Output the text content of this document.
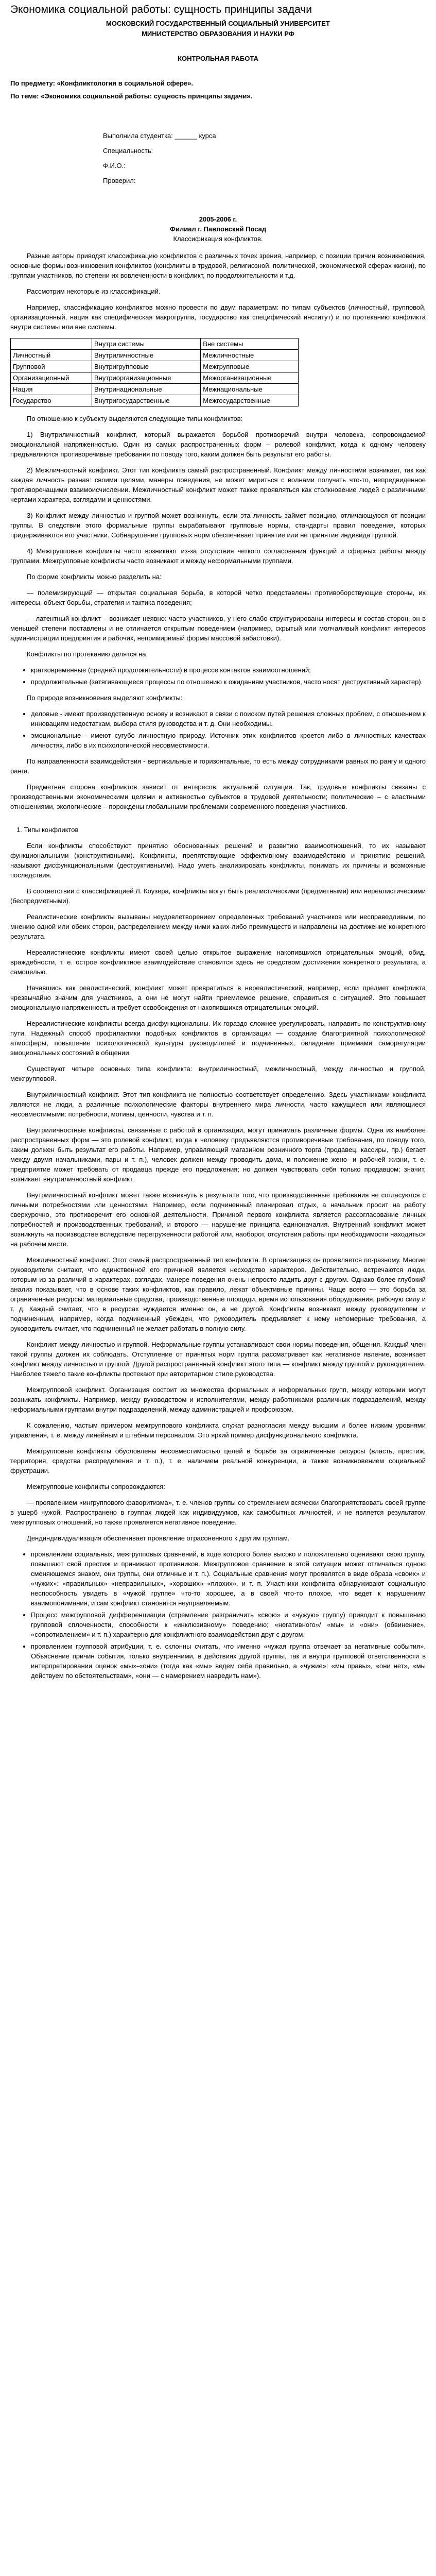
Экономика социальной работы: сущность принципы задачи
МОСКОВСКИЙ ГОСУДАРСТВЕННЫЙ СОЦИАЛЬНЫЙ УНИВЕРСИТЕТ
МИНИСТЕРСТВО ОБРАЗОВАНИЯ И НАУКИ РФ
КОНТРОЛЬНАЯ РАБОТА

По предмету: «Конфликтология в социальной сфере».

По теме: «Экономика социальной работы: сущность принципы задачи».

Выполнила студентка: ______ курса

Специальность:

Ф.И.О.:

Проверил:

2005-2006 г.
Филиал г. Павловский Посад
Классификация конфликтов.

Разные авторы приводят классификацию конфликтов с различных точек зрения, например, с позиции причин возникновения, основные формы возникновения конфликтов (конфликты в трудовой, религиозной, политической, экономической сферах жизни), по группам участников, по степени их вовлеченности в конфликт, по продолжительности и т.д.

Рассмотрим некоторые из классификаций.

Например, классификацию конфликтов можно провести по двум параметрам: по типам субъектов (личностный, групповой, организационный, нация как специфическая макрогруппа, государство как специфический институт) и по протеканию конфликта внутри системы или вне системы.

	Внутри системы	Вне системы
Личностный	Внутриличностные	Межличностные
Групповой	Внутригрупповые	Межгрупповые
Организационный	Внутриорганизационные	Межорганизационные
Нация	Внутринациональные	Межнациональные
Государство	Внутригосударственные	Межгосударственные

По отношению к субъекту выделяются следующие типы конфликтов:

1) Внутриличностный конфликт, который выражается борьбой противоречий внутри человека, сопровождаемой эмоциональной напряженностью. Один из самых распространенных форм – ролевой конфликт, когда к одному человеку предъявляются противоречивые требования по поводу того, каким должен быть результат его работы.

2) Межличностный конфликт. Этот тип конфликта самый распространенный. Конфликт между личностями возникает, так как каждая личность разная: своими целями, манеры поведения, не может мириться с волнами получать что-то, непредвиденное противоречащими взаимоисчислении. Межличностный конфликт может также проявляться как столкновение людей с различными чертами характера, взглядами и ценностями.

3) Конфликт между личностью и группой может возникнуть, если эта личность займет позицию, отличающуюся от позиции группы. В следствии этого формальные группы вырабатывают групповые нормы, стандарты правил поведения, которых придерживаются его участники. Собнарушение групповых норм обеспечивает принятие или не принятие индивида группой.

4) Межгрупповые конфликты часто возникают из-за отсутствия четкого согласования функций и сферных работы между группами. Межгрупповые конфликты часто возникают и между неформальными группами.

По форме конфликты можно разделить на:

— полемизирующий — открытая социальная борьба, в которой четко представлены противоборствующие стороны, их интересы, объект борьбы, стратегия и тактика поведения;

— латентный конфликт – возникает неявно: часто участников, у него слабо структурированы интересы и состав сторон, он в меньшей степени поставлены и не отличается открытым поведением (например, скрытый или молчаливый конфликт интересов администрации предприятия и рабочих, непримиримый формы массовой забастовки).

Конфликты по протеканию делятся на:

• кратковременные (средней продолжительности) в процессе контактов взаимоотношений;
• продолжительные (затягивающиеся процессы по отношению к ожиданиям участников, часто носят деструктивный характер).

По природе возникновения выделяют конфликты:

• деловые - имеют производственную основу и возникают в связи с поиском путей решения сложных проблем, с отношением к инновациям недостаткам, выбора стиля руководства и т. д. Они необходимы.
• эмоциональные - имеют сугубо личностную природу. Источник этих конфликтов кроется либо в личностных качествах личностях, либо в их психологической несовместимости.

По направленности взаимодействия - вертикальные и горизонтальные, то есть между сотрудниками равных по рангу и одного ранга.

Предметная сторона конфликтов зависит от интересов, актуальной ситуации. Так, трудовые конфликты связаны с производственными экономическими целями и активностью субъектов в трудовой деятельности; политические – с властными отношениями, экологические – порождены глобальными проблемами современного поведения участников.

1. Типы конфликтов

Если конфликты способствуют принятию обоснованных решений и развитию взаимоотношений, то их называют функциональными (конструктивными). Конфликты, препятствующие эффективному взаимодействию и принятию решений, называют дисфункциональными (деструктивными). Надо уметь анализировать конфликты, понимать их причины и возможные последствия.

В соответствии с классификацией Л. Коузера, конфликты могут быть реалистическими (предметными) или нереалистическими (беспредметными).

Реалистические конфликты вызываны неудовлетворением определенных требований участников или несправедливым, по мнению одной или обеих сторон, распределением между ними каких-либо преимуществ и направлены на достижение конкретного результата.

Нереалистические конфликты имеют своей целью открытое выражение накопившихся отрицательных эмоций, обид, враждебности, т. е. острое конфликтное взаимодействие становится здесь не средством достижения конкретного результата, а самоцелью.

Начавшись как реалистический, конфликт может превратиться в нереалистический, например, если предмет конфликта чрезвычайно значим для участников, а они не могут найти приемлемое решение, справиться с ситуацией. Это повышает эмоциональную напряженность и требует освобождения от накопившихся отрицательных эмоций.

Нереалистические конфликты всегда дисфункциональны. Их гораздо сложнее урегулировать, направить по конструктивному пути. Надежный способ профилактики подобных конфликтов в организации — создание благоприятной психологической атмосферы, повышение психологической культуры руководителей и подчиненных, овладение приемами саморегуляции эмоциональных состояний в общении.

Существуют четыре основных типа конфликта: внутриличностный, межличностный, между личностью и группой, межгрупповой.

Внутриличностный конфликт. Этот тип конфликта не полностью соответствует определению. Здесь участниками конфликта являются не люди, а различные психологические факторы внутреннего мира личности, часто кажущиеся или являющиеся несовместимыми: потребности, мотивы, ценности, чувства и т. п.

Внутриличностные конфликты, связанные с работой в организации, могут принимать различные формы. Одна из наиболее распространенных форм — это ролевой конфликт, когда к человеку предъявляются противоречивые требования, по поводу того, каким должен быть результат его работы. Например, управляющий магазином розничного торга (продавец, кассиры, пр.) бегает между двумя начальниками, пары и т. п.), человек должен между проводить дома, и положение жено- и рабочей жизни, т. е. предприятие может требовать от продавца прежде его предложения; но должен чувствовать себя только продавцом; значит, возникает внутриличностный конфликт.

Внутриличностный конфликт может также возникнуть в результате того, что производственные требования не согласуются с личными потребностями или ценностями. Например, если подчиненный планировал отдых, а начальник просит на работу сверхурочно, это противоречит его основной деятельности. Причиной первого конфликта является рассогласование личных потребностей и производственных требований, и второго — нарушение принципа единоначалия. Внутренний конфликт может возникнуть на производстве вследствие перегруженности работой или, наоборот, отсутствия работы при необходимости находиться на рабочем месте.

Межличностный конфликт. Этот самый распространенный тип конфликта. В организациях он проявляется по-разному. Многие руководители считают, что единственной его причиной является несходство характеров. Действительно, встречаются люди, которым из-за различий в характерах, взглядах, манере поведения очень непросто ладить друг с другом. Однако более глубокий анализ показывает, что в основе таких конфликтов, как правило, лежат объективные причины. Чаще всего — это борьба за ограниченные ресурсы: материальные средства, производственные площади, время использования оборудования, рабочую силу и т. д. Каждый считает, что в ресурсах нуждается именно он, а не другой. Конфликты возникают между руководителем и подчиненным, например, когда подчиненный убежден, что руководитель предъявляет к нему непомерные требования, а руководитель считает, что подчиненный не желает работать в полную силу.

Конфликт между личностью и группой. Неформальные группы устанавливают свои нормы поведения, общения. Каждый член такой группы должен их соблюдать. Отступление от принятых норм группа рассматривает как негативное явление, возникает конфликт между личностью и группой. Другой распространенный конфликт этого типа — конфликт между группой и руководителем. Наиболее тяжело такие конфликты протекают при авторитарном стиле руководства.

Межгрупповой конфликт. Организация состоит из множества формальных и неформальных групп, между которыми могут возникать конфликты. Например, между руководством и исполнителями, между работниками различных подразделений, между неформальными группами внутри подразделений, между администрацией и профсоюзом.

К сожалению, частым примером межгруппового конфликта служат разногласия между высшим и более низким уровнями управления, т. е. между линейным и штабным персоналом. Это яркий пример дисфункционального конфликта.

Межгрупповые конфликты обусловлены несовместимостью целей в борьбе за ограниченные ресурсы (власть, престиж, территория, средства распределения и т. п.), т. е. наличием реальной конкуренции, а также возникновением социальной фрустрации.

Межгрупповые конфликты сопровождаются:

— проявлением «ингруппового фаворитизма», т. е. членов группы со стремлением всячески благоприятствовать своей группе в ущерб чужой. Распространено в группах людей как индивидуумов, как самобытных личностей, и не является результатом межгрупповых отношений, но также проявляется негативное поведение.

Дендиндивидуализация обеспечивает проявление отрасоненного к другим группам.

• проявлением социальных, межгрупповых сравнений, в ходе которого более высоко и положительно оценивают свою группу, повышают свой престиж и принижают противников. Межгрупповое сравнение в этой ситуации может отличаться одною сменяющемся знаком, они группы, они отличные и т. п.). Социальные сравнения могут проявлятся в виде образа «своих» и «чужих»: «правильных»–«неправильных», «хороших»–«плохих», и т. п. Участники конфликта обнаруживают социальную неспособность увидеть в «чужой группе» что-то хорошее, а в своей что-то плохое, что ведет к нарушениям взаимопонимания, и сам конфликт становится неуправляемым.
• Процесс межгрупповой дифференциации (стремление разграничить «свою» и «чужую» группу) приводит к повышению групповой сплоченности, способности к «инклюзивному» поведению; «негативного»/ «мы» и «они» (обвинение», «сопротивлением» и т. п.) характерно для конфликтного взаимодействия друг с другом.
• проявлением групповой атрибуции, т. е. склонны считать, что именно «чужая группа отвечает за негативные события». Объяснение причин события, только внутренними, в действиях другой группы, так и внутри групповой ответственности в интерпретировании оценок «мы»-«они» (тогда как «мы» ведем себя правильно, а «чужие»: «мы правы», «они нет», «мы действуем по обстоятельствам», «они — с намерением навредить нам»).
